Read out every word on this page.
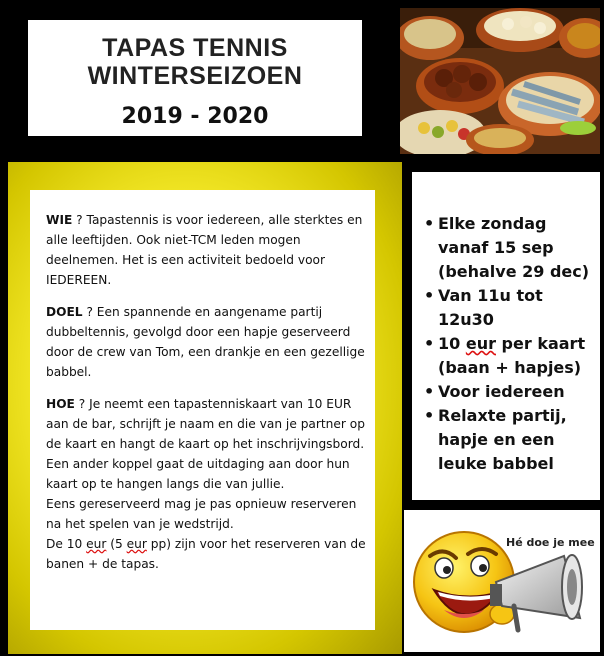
TAPAS TENNIS
WINTERSEIZOEN
2019 - 2020

WIE ? Tapastennis is voor iedereen, alle sterktes en alle leeftijden. Ook niet-TCM leden mogen deelnemen. Het is een activiteit bedoeld voor IEDEREEN.

DOEL ? Een spannende en aangename partij dubbeltennis, gevolgd door een hapje geserveerd door de crew van Tom, een drankje en een gezellige babbel.

HOE ? Je neemt een tapastenniskaart van 10 EUR aan de bar, schrijft je naam en die van je partner op de kaart en hangt de kaart op het inschrijvingsbord.

Een ander koppel gaat de uitdaging aan door hun kaart op te hangen langs die van jullie.

Eens gereserveerd mag je pas opnieuw reserveren na het spelen van je wedstrijd.

De 10 eur (5 eur pp) zijn voor het reserveren van de banen + de tapas.

• Elke zondag vanaf 15 sep (behalve 29 dec)
• Van 11u tot 12u30
• 10 eur per kaart (baan + hapjes)
• Voor iedereen
• Relaxte partij, hapje en een leuke babbel
Hé doe je mee
